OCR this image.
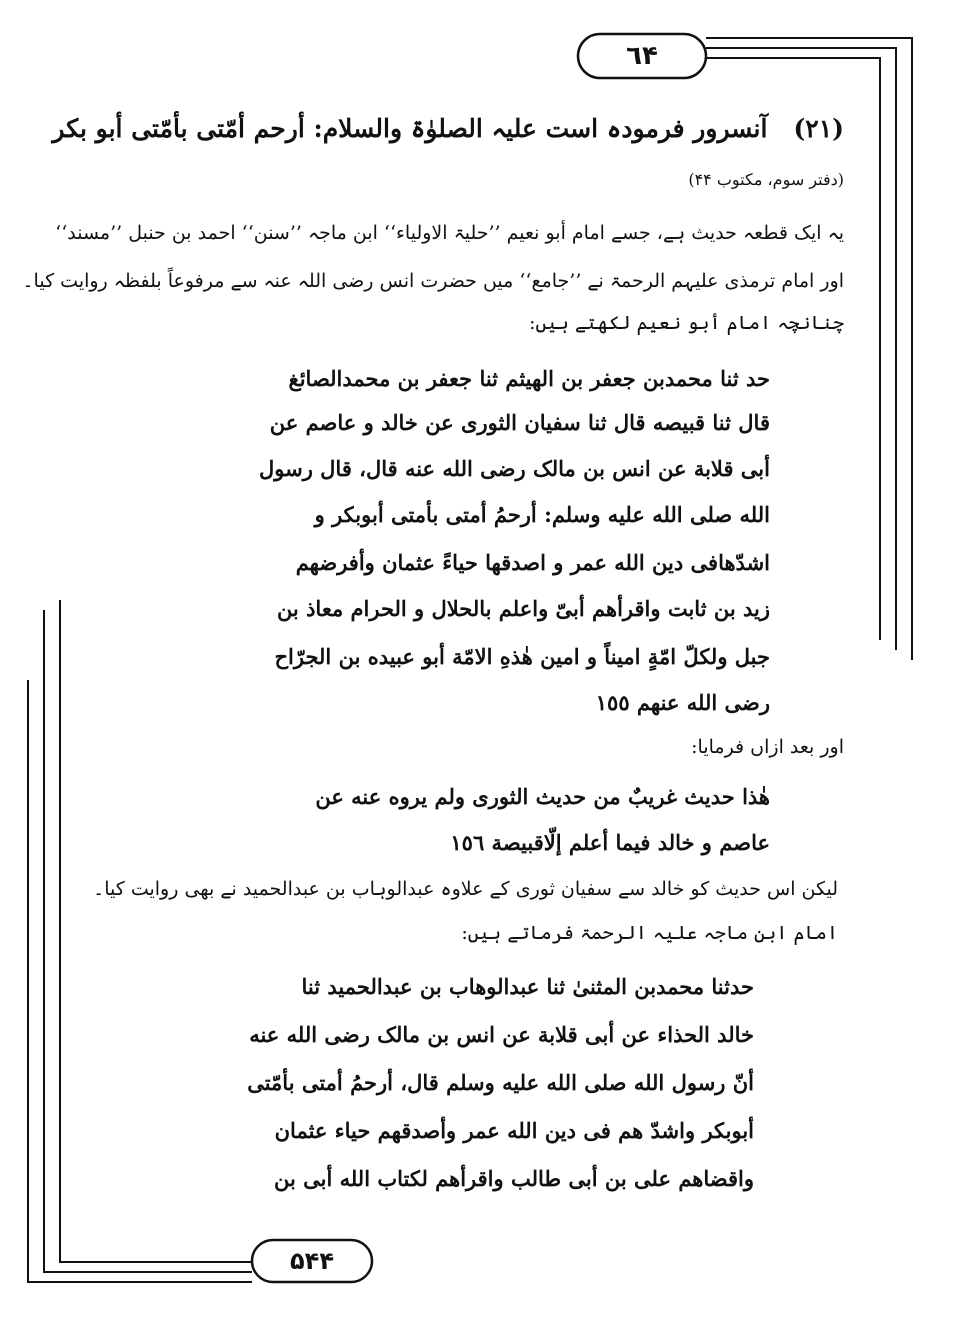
٦۴
۵۴۴
(۲۱)آنسرور فرمودہ است علیہ الصلوٰۃ والسلام: أرحم أمّتی بأمّتی أبو بکر
(دفتر سوم، مکتوب ۴۴)
یہ ایک قطعہ حدیث ہے، جسے امام أبو نعیم ’’حلیۃ الاولیاء‘‘ ابن ماجہ ’’سنن‘‘ احمد بن حنبل ’’مسند‘‘
اور امام ترمذی علیہم الرحمۃ نے ’’جامع‘‘ میں حضرت انس رضی اللہ عنہ سے مرفوعاً بلفظہ روایت کیا۔
چنانچہ امام أبو نعیم لکھتے ہیں:
حد ثنا محمدبن جعفر بن الهيثم ثنا جعفر بن محمدالصائغ
قال ثنا قبيصه قال ثنا سفيان الثورى عن خالد و عاصم عن
أبى قلابة عن انس بن مالک رضى الله عنه قال، قال رسول
الله صلى الله عليه وسلم: أرحمُ أمتى بأمتى أبوبكر و
اشدّهافى دين الله عمر و اصدقها حياءً عثمان وأفرضهم
زيد بن ثابت واقرأهم أبىّ واعلم بالحلال و الحرام معاذ بن
جبل ولكلّ امّةٍ اميناً و امين هٰذهِ الامّة أبو عبيده بن الجرّاح
رضى الله عنهم ١٥٥
اور بعد ازاں فرمایا:
هٰذا حديث غريبٌ من حديث الثورى ولم يروه عنه عن
عاصم و خالد فيما أعلم إلّاقبيصة ١٥٦
لیکن اس حدیث کو خالد سے سفیان ثوری کے علاوہ عبدالوہاب بن عبدالحمید نے بھی روایت کیا۔
امام ابن ماجہ علیہ الرحمۃ فرماتے ہیں:
حدثنا محمدبن المثنىٰ ثنا عبدالوهاب بن عبدالحميد ثنا
خالد الحذاء عن أبى قلابة عن انس بن مالک رضى الله عنه
أنّ رسول الله صلى الله عليه وسلم قال، أرحمُ أمتى بأمّتى
أبوبكر واشدّ هم فى دين الله عمر وأصدقهم حياء عثمان
واقضاهم على بن أبى طالب واقرأهم لكتاب الله أبى بن
